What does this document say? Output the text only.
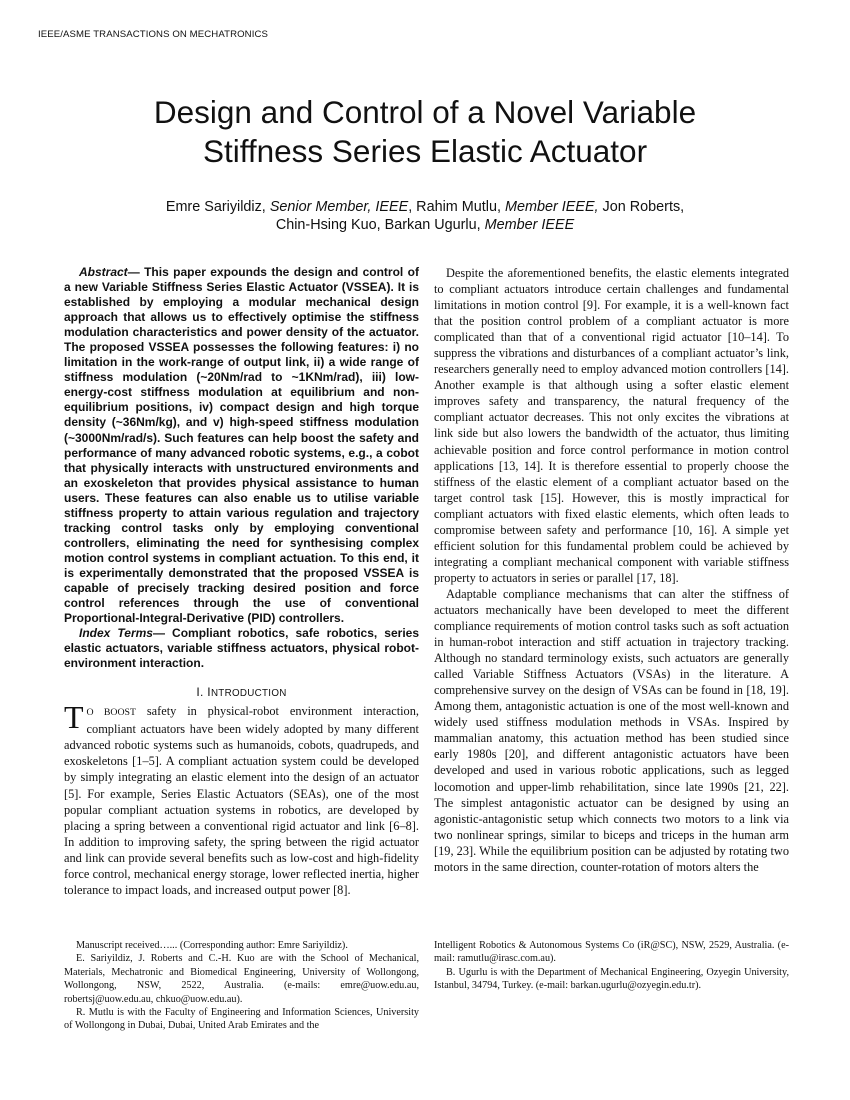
IEEE/ASME TRANSACTIONS ON MECHATRONICS
Design and Control of a Novel Variable
Stiffness Series Elastic Actuator
Emre Sariyildiz, Senior Member, IEEE, Rahim Mutlu, Member IEEE, Jon Roberts,
Chin-Hsing Kuo, Barkan Ugurlu, Member IEEE

Abstract— This paper expounds the design and control of a new Variable Stiffness Series Elastic Actuator (VSSEA). It is established by employing a modular mechanical design approach that allows us to effectively optimise the stiffness modulation characteristics and power density of the actuator. The proposed VSSEA possesses the following features: i) no limitation in the work-range of output link, ii) a wide range of stiffness modulation (~20Nm/rad to ~1KNm/rad), iii) low-energy-cost stiffness modulation at equilibrium and non-equilibrium positions, iv) compact design and high torque density (~36Nm/kg), and v) high-speed stiffness modulation (~3000Nm/rad/s). Such features can help boost the safety and performance of many advanced robotic systems, e.g., a cobot that physically interacts with unstructured environments and an exoskeleton that provides physical assistance to human users. These features can also enable us to utilise variable stiffness property to attain various regulation and trajectory tracking control tasks only by employing conventional controllers, eliminating the need for synthesising complex motion control systems in compliant actuation. To this end, it is experimentally demonstrated that the proposed VSSEA is capable of precisely tracking desired position and force control references through the use of conventional Proportional-Integral-Derivative (PID) controllers.

Index Terms— Compliant robotics, safe robotics, series elastic actuators, variable stiffness actuators, physical robot-environment interaction.

I. INTRODUCTION

T O BOOST safety in physical-robot environment interaction, compliant actuators have been widely adopted by many different advanced robotic systems such as humanoids, cobots, quadrupeds, and exoskeletons [1–5]. A compliant actuation system could be developed by simply integrating an elastic element into the design of an actuator [5]. For example, Series Elastic Actuators (SEAs), one of the most popular compliant actuation systems in robotics, are developed by placing a spring between a conventional rigid actuator and link [6–8]. In addition to improving safety, the spring between the rigid actuator and link can provide several benefits such as low-cost and high-fidelity force control, mechanical energy storage, lower reflected inertia, higher tolerance to impact loads, and increased output power [8].

Despite the aforementioned benefits, the elastic elements integrated to compliant actuators introduce certain challenges and fundamental limitations in motion control [9]. For example, it is a well-known fact that the position control problem of a compliant actuator is more complicated than that of a conventional rigid actuator [10–14]. To suppress the vibrations and disturbances of a compliant actuator’s link, researchers generally need to employ advanced motion controllers [14]. Another example is that although using a softer elastic element improves safety and transparency, the natural frequency of the compliant actuator decreases. This not only excites the vibrations at link side but also lowers the bandwidth of the actuator, thus limiting achievable position and force control performance in motion control applications [13, 14]. It is therefore essential to properly choose the stiffness of the elastic element of a compliant actuator based on the target control task [15]. However, this is mostly impractical for compliant actuators with fixed elastic elements, which often leads to compromise between safety and performance [10, 16]. A simple yet efficient solution for this fundamental problem could be achieved by integrating a compliant mechanical component with variable stiffness property to actuators in series or parallel [17, 18].

Adaptable compliance mechanisms that can alter the stiffness of actuators mechanically have been developed to meet the different compliance requirements of motion control tasks such as soft actuation in human-robot interaction and stiff actuation in trajectory tracking. Although no standard terminology exists, such actuators are generally called Variable Stiffness Actuators (VSAs) in the literature. A comprehensive survey on the design of VSAs can be found in [18, 19]. Among them, antagonistic actuation is one of the most well-known and widely used stiffness modulation methods in VSAs. Inspired by mammalian anatomy, this actuation method has been studied since early 1980s [20], and different antagonistic actuators have been developed and used in various robotic applications, such as legged locomotion and upper-limb rehabilitation, since late 1990s [21, 22]. The simplest antagonistic actuator can be designed by using an agonistic-antagonistic setup which connects two motors to a link via two nonlinear springs, similar to biceps and triceps in the human arm [19, 23]. While the equilibrium position can be adjusted by rotating two motors in the same direction, counter-rotation of motors alters the

Manuscript received…... (Corresponding author: Emre Sariyildiz).

E. Sariyildiz, J. Roberts and C.-H. Kuo are with the School of Mechanical, Materials, Mechatronic and Biomedical Engineering, University of Wollongong, Wollongong, NSW, 2522, Australia. (e-mails: emre@uow.edu.au, robertsj@uow.edu.au, chkuo@uow.edu.au).

R. Mutlu is with the Faculty of Engineering and Information Sciences, University of Wollongong in Dubai, Dubai, United Arab Emirates and the

Intelligent Robotics & Autonomous Systems Co (iR@SC), NSW, 2529, Australia. (e-mail: ramutlu@irasc.com.au).

B. Ugurlu is with the Department of Mechanical Engineering, Ozyegin University, Istanbul, 34794, Turkey. (e-mail: barkan.ugurlu@ozyegin.edu.tr).
